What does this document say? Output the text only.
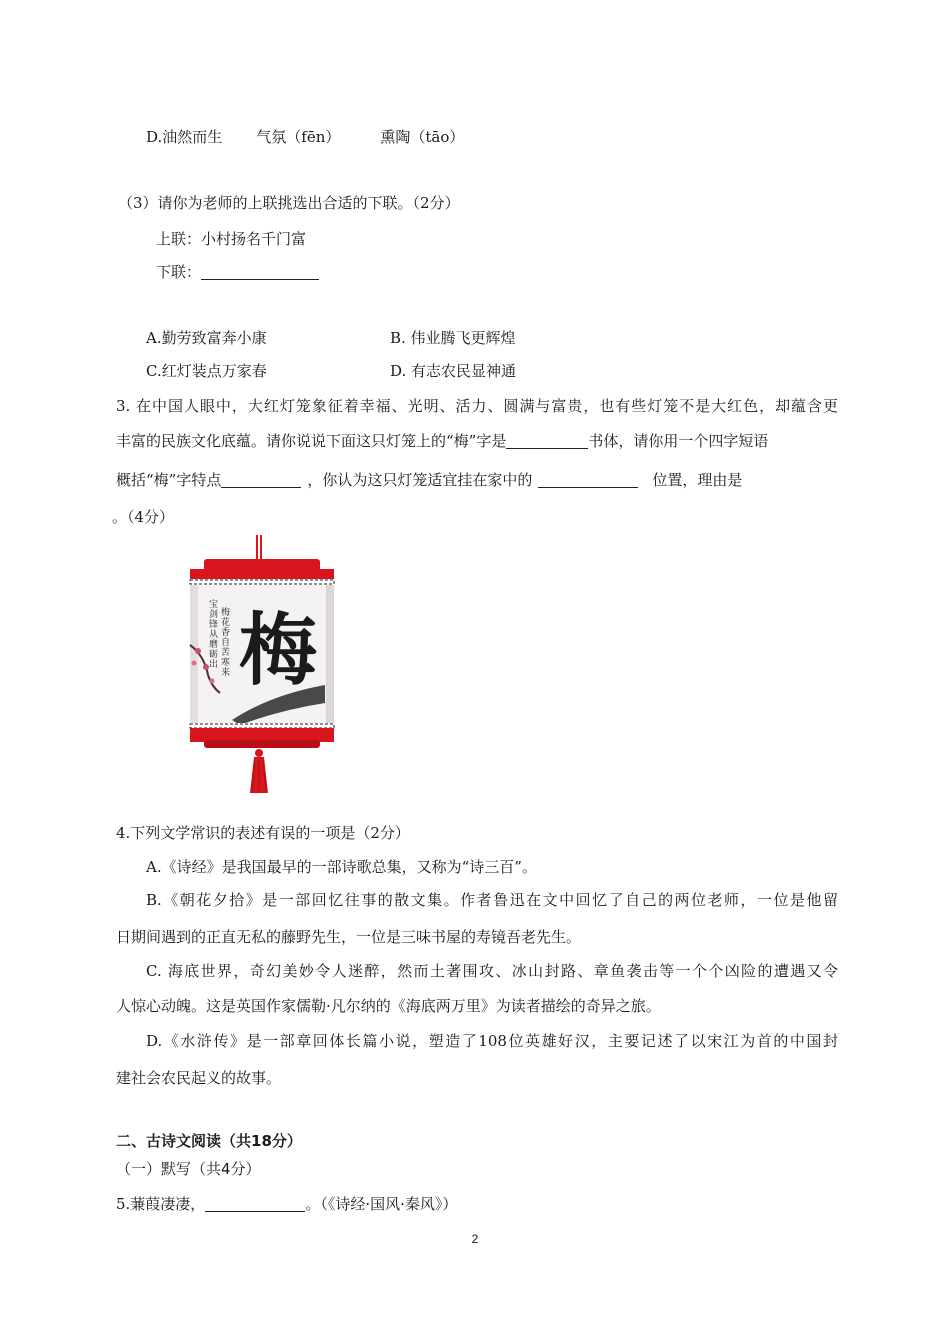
D.油然而生 气氛（fēn）	熏陶（tāo）
（3）请你为老师的上联挑选出合适的下联。（2分）
上联：小村扬名千门富
下联：
A.勤劳致富奔小康	B. 伟业腾飞更辉煌
C.红灯装点万家春	D. 有志农民显神通
3. 在中国人眼中，大红灯笼象征着幸福、光明、活力、圆满与富贵，也有些灯笼不是大红色，却蕴含更
丰富的民族文化底蕴。请你说说下面这只灯笼上的“梅”字是	书体，请你用一个四字短语
概括“梅”字特点	，你认为这只灯笼适宜挂在家中的	位置，理由是
。（4分）
宝剑锋从磨砺出 梅花香自苦寒来 梅
4.下列文学常识的表述有误的一项是（2分）
A.《诗经》是我国最早的一部诗歌总集，又称为“诗三百”。
B.《朝花夕拾》是一部回忆往事的散文集。作者鲁迅在文中回忆了自己的两位老师，一位是他留
日期间遇到的正直无私的藤野先生，一位是三味书屋的寿镜吾老先生。
C. 海底世界，奇幻美妙令人迷醉，然而土著围攻、冰山封路、章鱼袭击等一个个凶险的遭遇又令
人惊心动魄。这是英国作家儒勒·凡尔纳的《海底两万里》为读者描绘的奇异之旅。
D.《水浒传》是一部章回体长篇小说，塑造了108位英雄好汉，主要记述了以宋江为首的中国封
建社会农民起义的故事。
二、古诗文阅读（共18分）
（一）默写（共4分）
5.蒹葭凄凄，	。（《诗经·国风·秦风》）
2
